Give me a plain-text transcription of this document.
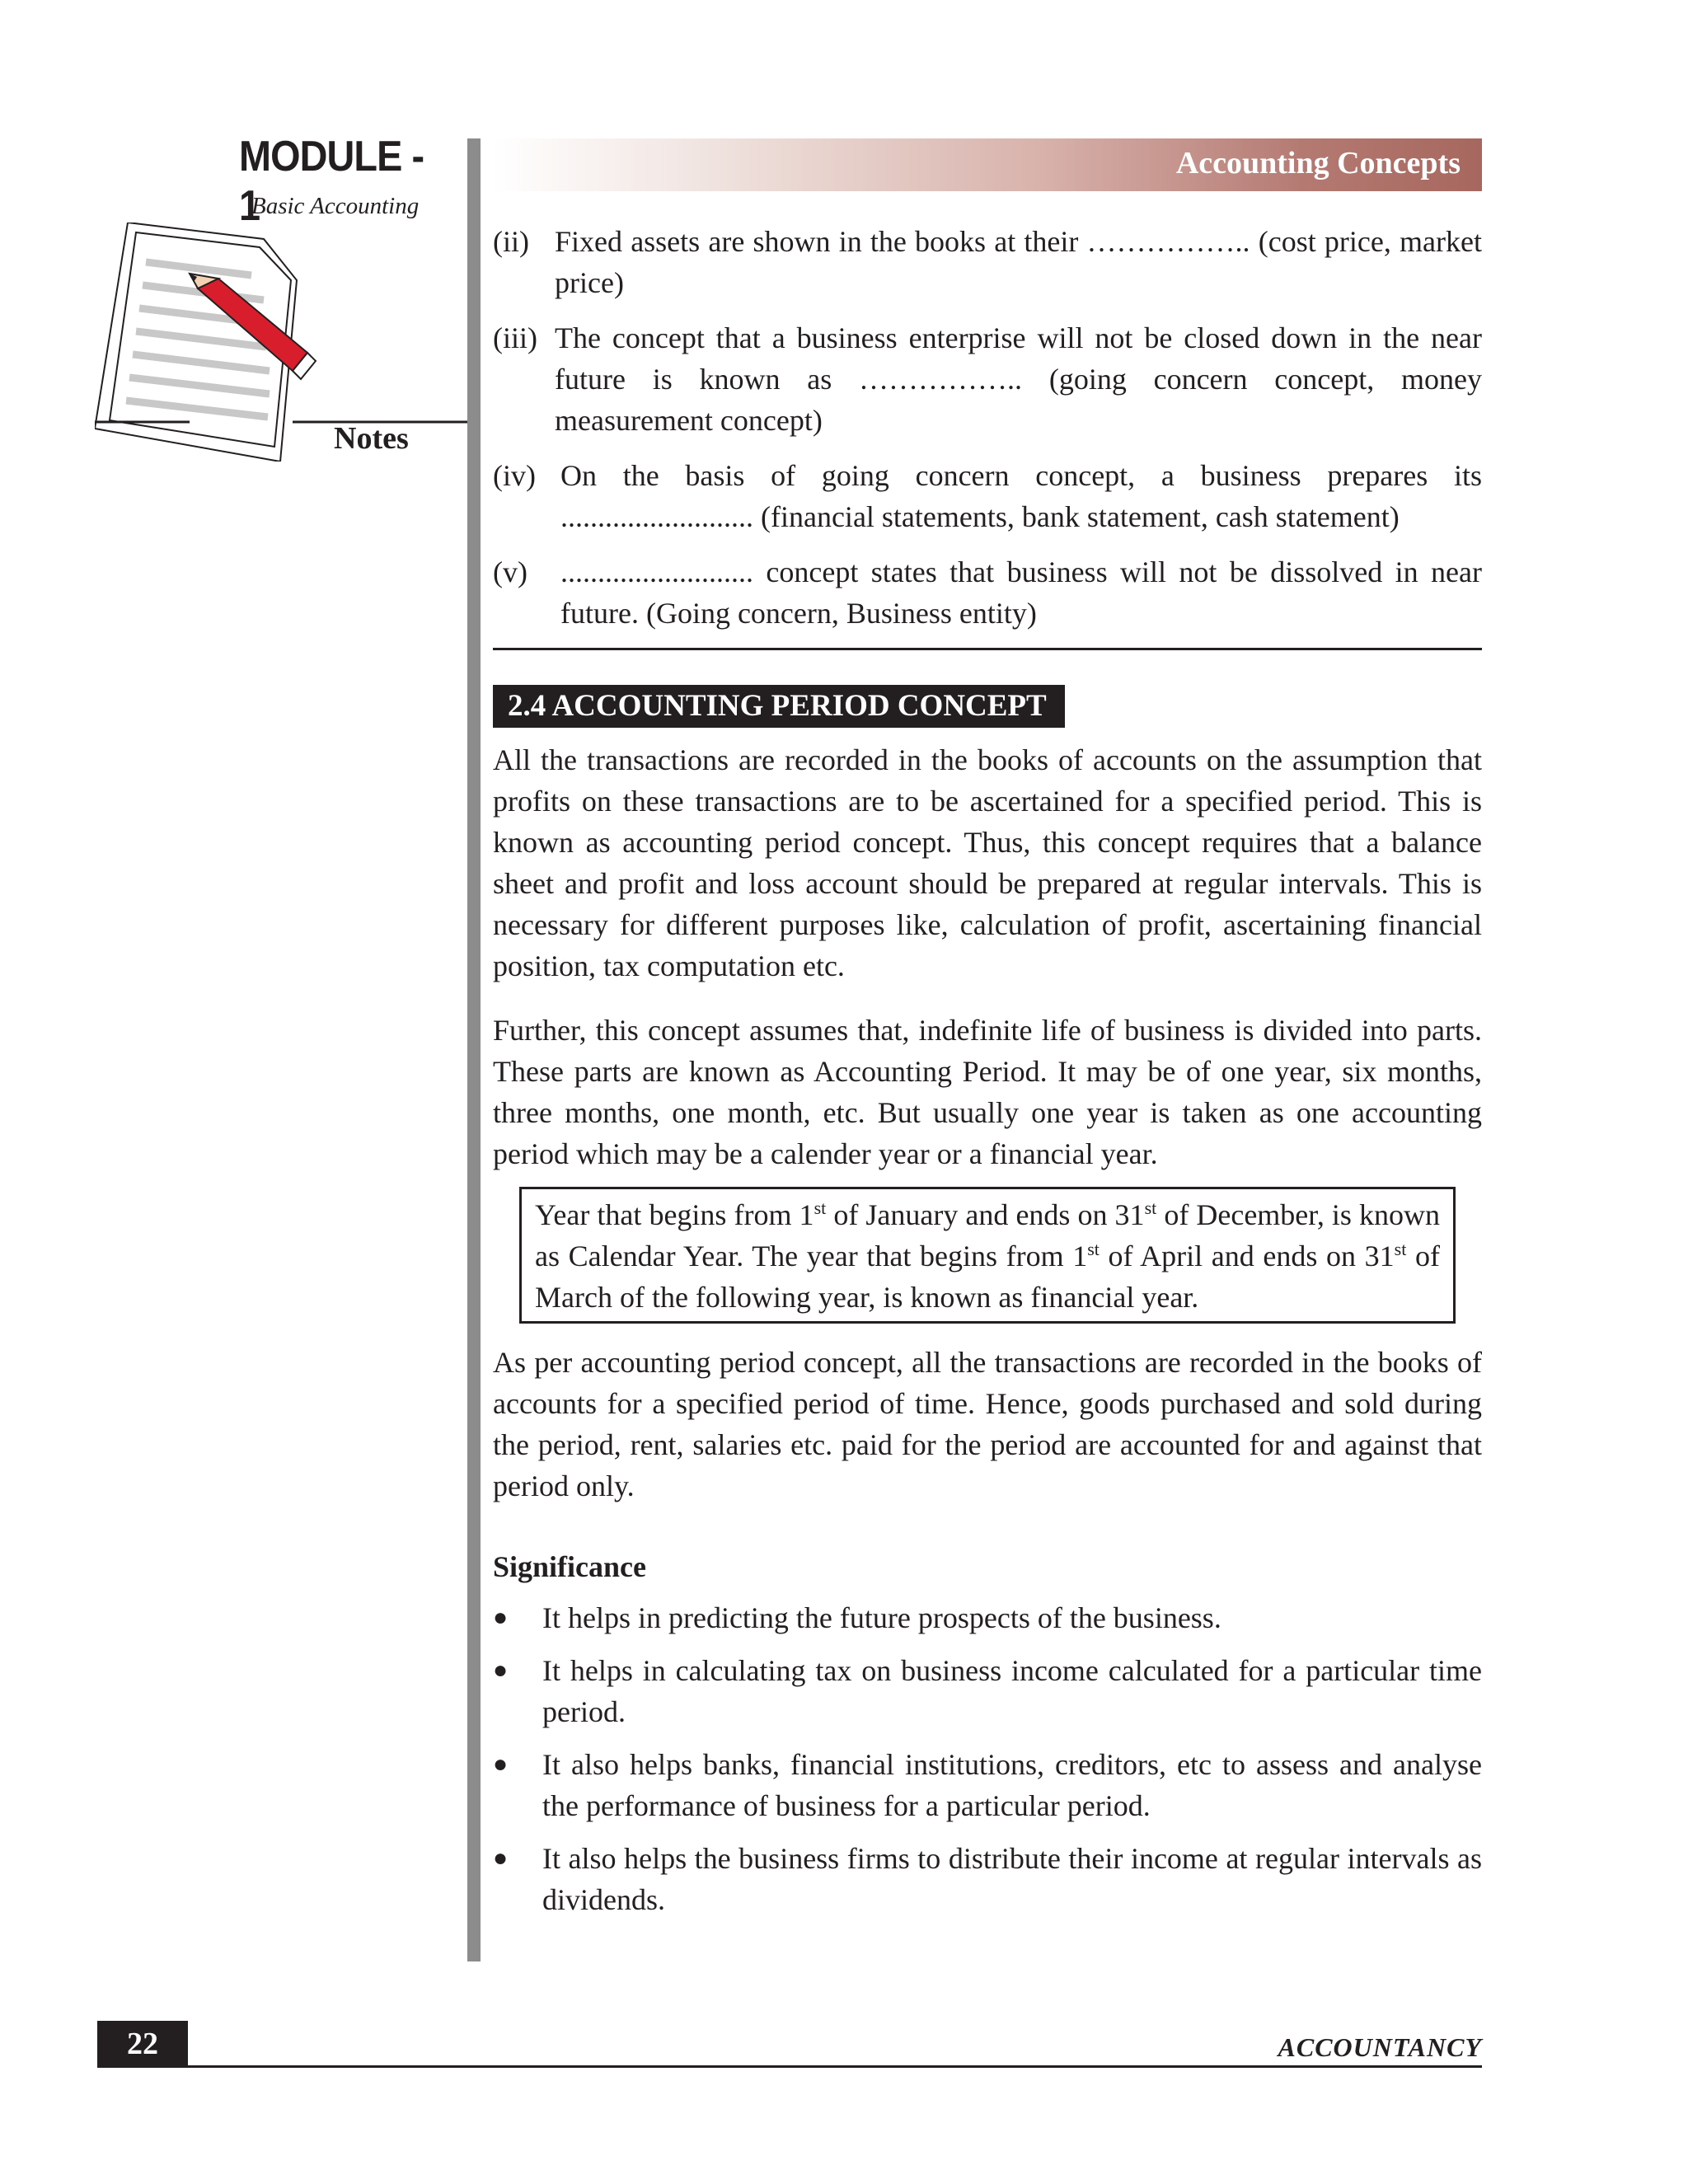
MODULE - 1
Basic Accounting
Notes
Accounting Concepts
(ii) Fixed assets are shown in the books at their …………….. (cost price, market price)
(iii) The concept that a business enterprise will not be closed down in the near future is known as …………….. (going concern concept, money measurement concept)
(iv) On the basis of going concern concept, a business prepares its .......................... (financial statements, bank statement, cash statement)
(v)	.......................... concept states that business will not be dissolved in near future. (Going concern, Business entity)
2.4 ACCOUNTING PERIOD CONCEPT

All the transactions are recorded in the books of accounts on the assumption that profits on these transactions are to be ascertained for a specified period. This is known as accounting period concept. Thus, this concept requires that a balance sheet and profit and loss account should be prepared at regular intervals. This is necessary for different purposes like, calculation of profit, ascertaining financial position, tax computation etc.

Further, this concept assumes that, indefinite life of business is divided into parts. These parts are known as Accounting Period. It may be of one year, six months, three months, one month, etc. But usually one year is taken as one accounting period which may be a calender year or a financial year.

Year that begins from 1st of January and ends on 31st of December, is known as Calendar Year. The year that begins from 1st of April and ends on 31st of March of the following year, is known as financial year.

As per accounting period concept, all the transactions are recorded in the books of accounts for a specified period of time. Hence, goods purchased and sold during the period, rent, salaries etc. paid for the period are accounted for and against that period only.

Significance

●	It helps in predicting the future prospects of the business.
●	It helps in calculating tax on business income calculated for a particular time period.
●	It also helps banks, financial institutions, creditors, etc to assess and analyse the performance of business for a particular period.
●	It also helps the business firms to distribute their income at regular intervals as dividends.
22	ACCOUNTANCY
